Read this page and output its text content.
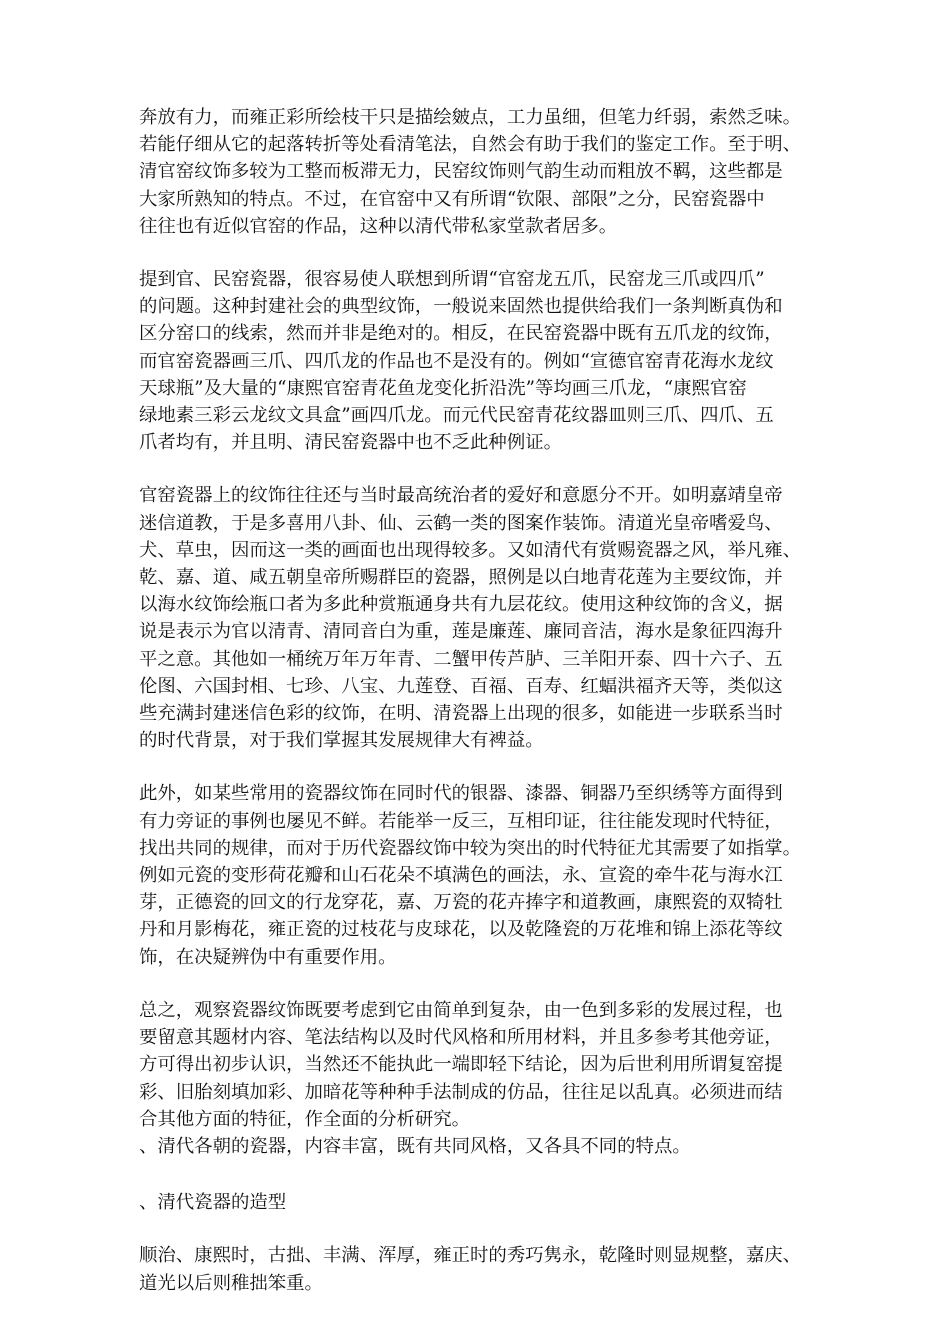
奔放有力，而雍正彩所绘枝干只是描绘皴点，工力虽细，但笔力纤弱，索然乏味。
若能仔细从它的起落转折等处看清笔法，自然会有助于我们的鉴定工作。至于明、
清官窑纹饰多较为工整而板滞无力，民窑纹饰则气韵生动而粗放不羁，这些都是
大家所熟知的特点。不过，在官窑中又有所谓“钦限、部限”之分，民窑瓷器中
往往也有近似官窑的作品，这种以清代带私家堂款者居多。

提到官、民窑瓷器，很容易使人联想到所谓“官窑龙五爪，民窑龙三爪或四爪”
的问题。这种封建社会的典型纹饰，一般说来固然也提供给我们一条判断真伪和
区分窑口的线索，然而并非是绝对的。相反，在民窑瓷器中既有五爪龙的纹饰，
而官窑瓷器画三爪、四爪龙的作品也不是没有的。例如“宣德官窑青花海水龙纹
天球瓶”及大量的“康熙官窑青花鱼龙变化折沿洗”等均画三爪龙，“康熙官窑
绿地素三彩云龙纹文具盒”画四爪龙。而元代民窑青花纹器皿则三爪、四爪、五
爪者均有，并且明、清民窑瓷器中也不乏此种例证。

官窑瓷器上的纹饰往往还与当时最高统治者的爱好和意愿分不开。如明嘉靖皇帝
迷信道教，于是多喜用八卦、仙、云鹤一类的图案作装饰。清道光皇帝嗜爱鸟、
犬、草虫，因而这一类的画面也出现得较多。又如清代有赏赐瓷器之风，举凡雍、
乾、嘉、道、咸五朝皇帝所赐群臣的瓷器，照例是以白地青花莲为主要纹饰，并
以海水纹饰绘瓶口者为多此种赏瓶通身共有九层花纹。使用这种纹饰的含义，据
说是表示为官以清青、清同音白为重，莲是廉莲、廉同音洁，海水是象征四海升
平之意。其他如一桶统万年万年青、二蟹甲传芦胪、三羊阳开泰、四十六子、五
伦图、六国封相、七珍、八宝、九莲登、百福、百寿、红蝠洪福齐天等，类似这
些充满封建迷信色彩的纹饰，在明、清瓷器上出现的很多，如能进一步联系当时
的时代背景，对于我们掌握其发展规律大有裨益。

此外，如某些常用的瓷器纹饰在同时代的银器、漆器、铜器乃至织绣等方面得到
有力旁证的事例也屡见不鲜。若能举一反三，互相印证，往往能发现时代特征，
找出共同的规律，而对于历代瓷器纹饰中较为突出的时代特征尤其需要了如指掌。
例如元瓷的变形荷花瓣和山石花朵不填满色的画法，永、宣瓷的牵牛花与海水江
芽，正德瓷的回文的行龙穿花，嘉、万瓷的花卉捧字和道教画，康熙瓷的双犄牡
丹和月影梅花，雍正瓷的过枝花与皮球花，以及乾隆瓷的万花堆和锦上添花等纹
饰，在决疑辨伪中有重要作用。

总之，观察瓷器纹饰既要考虑到它由简单到复杂，由一色到多彩的发展过程，也
要留意其题材内容、笔法结构以及时代风格和所用材料，并且多参考其他旁证，
方可得出初步认识，当然还不能执此一端即轻下结论，因为后世利用所谓复窑提
彩、旧胎刻填加彩、加暗花等种种手法制成的仿品，往往足以乱真。必须进而结
合其他方面的特征，作全面的分析研究。

、清代各朝的瓷器，内容丰富，既有共同风格，又各具不同的特点。
、清代瓷器的造型

顺治、康熙时，古拙、丰满、浑厚，雍正时的秀巧隽永，乾隆时则显规整，嘉庆、
道光以后则稚拙笨重。
